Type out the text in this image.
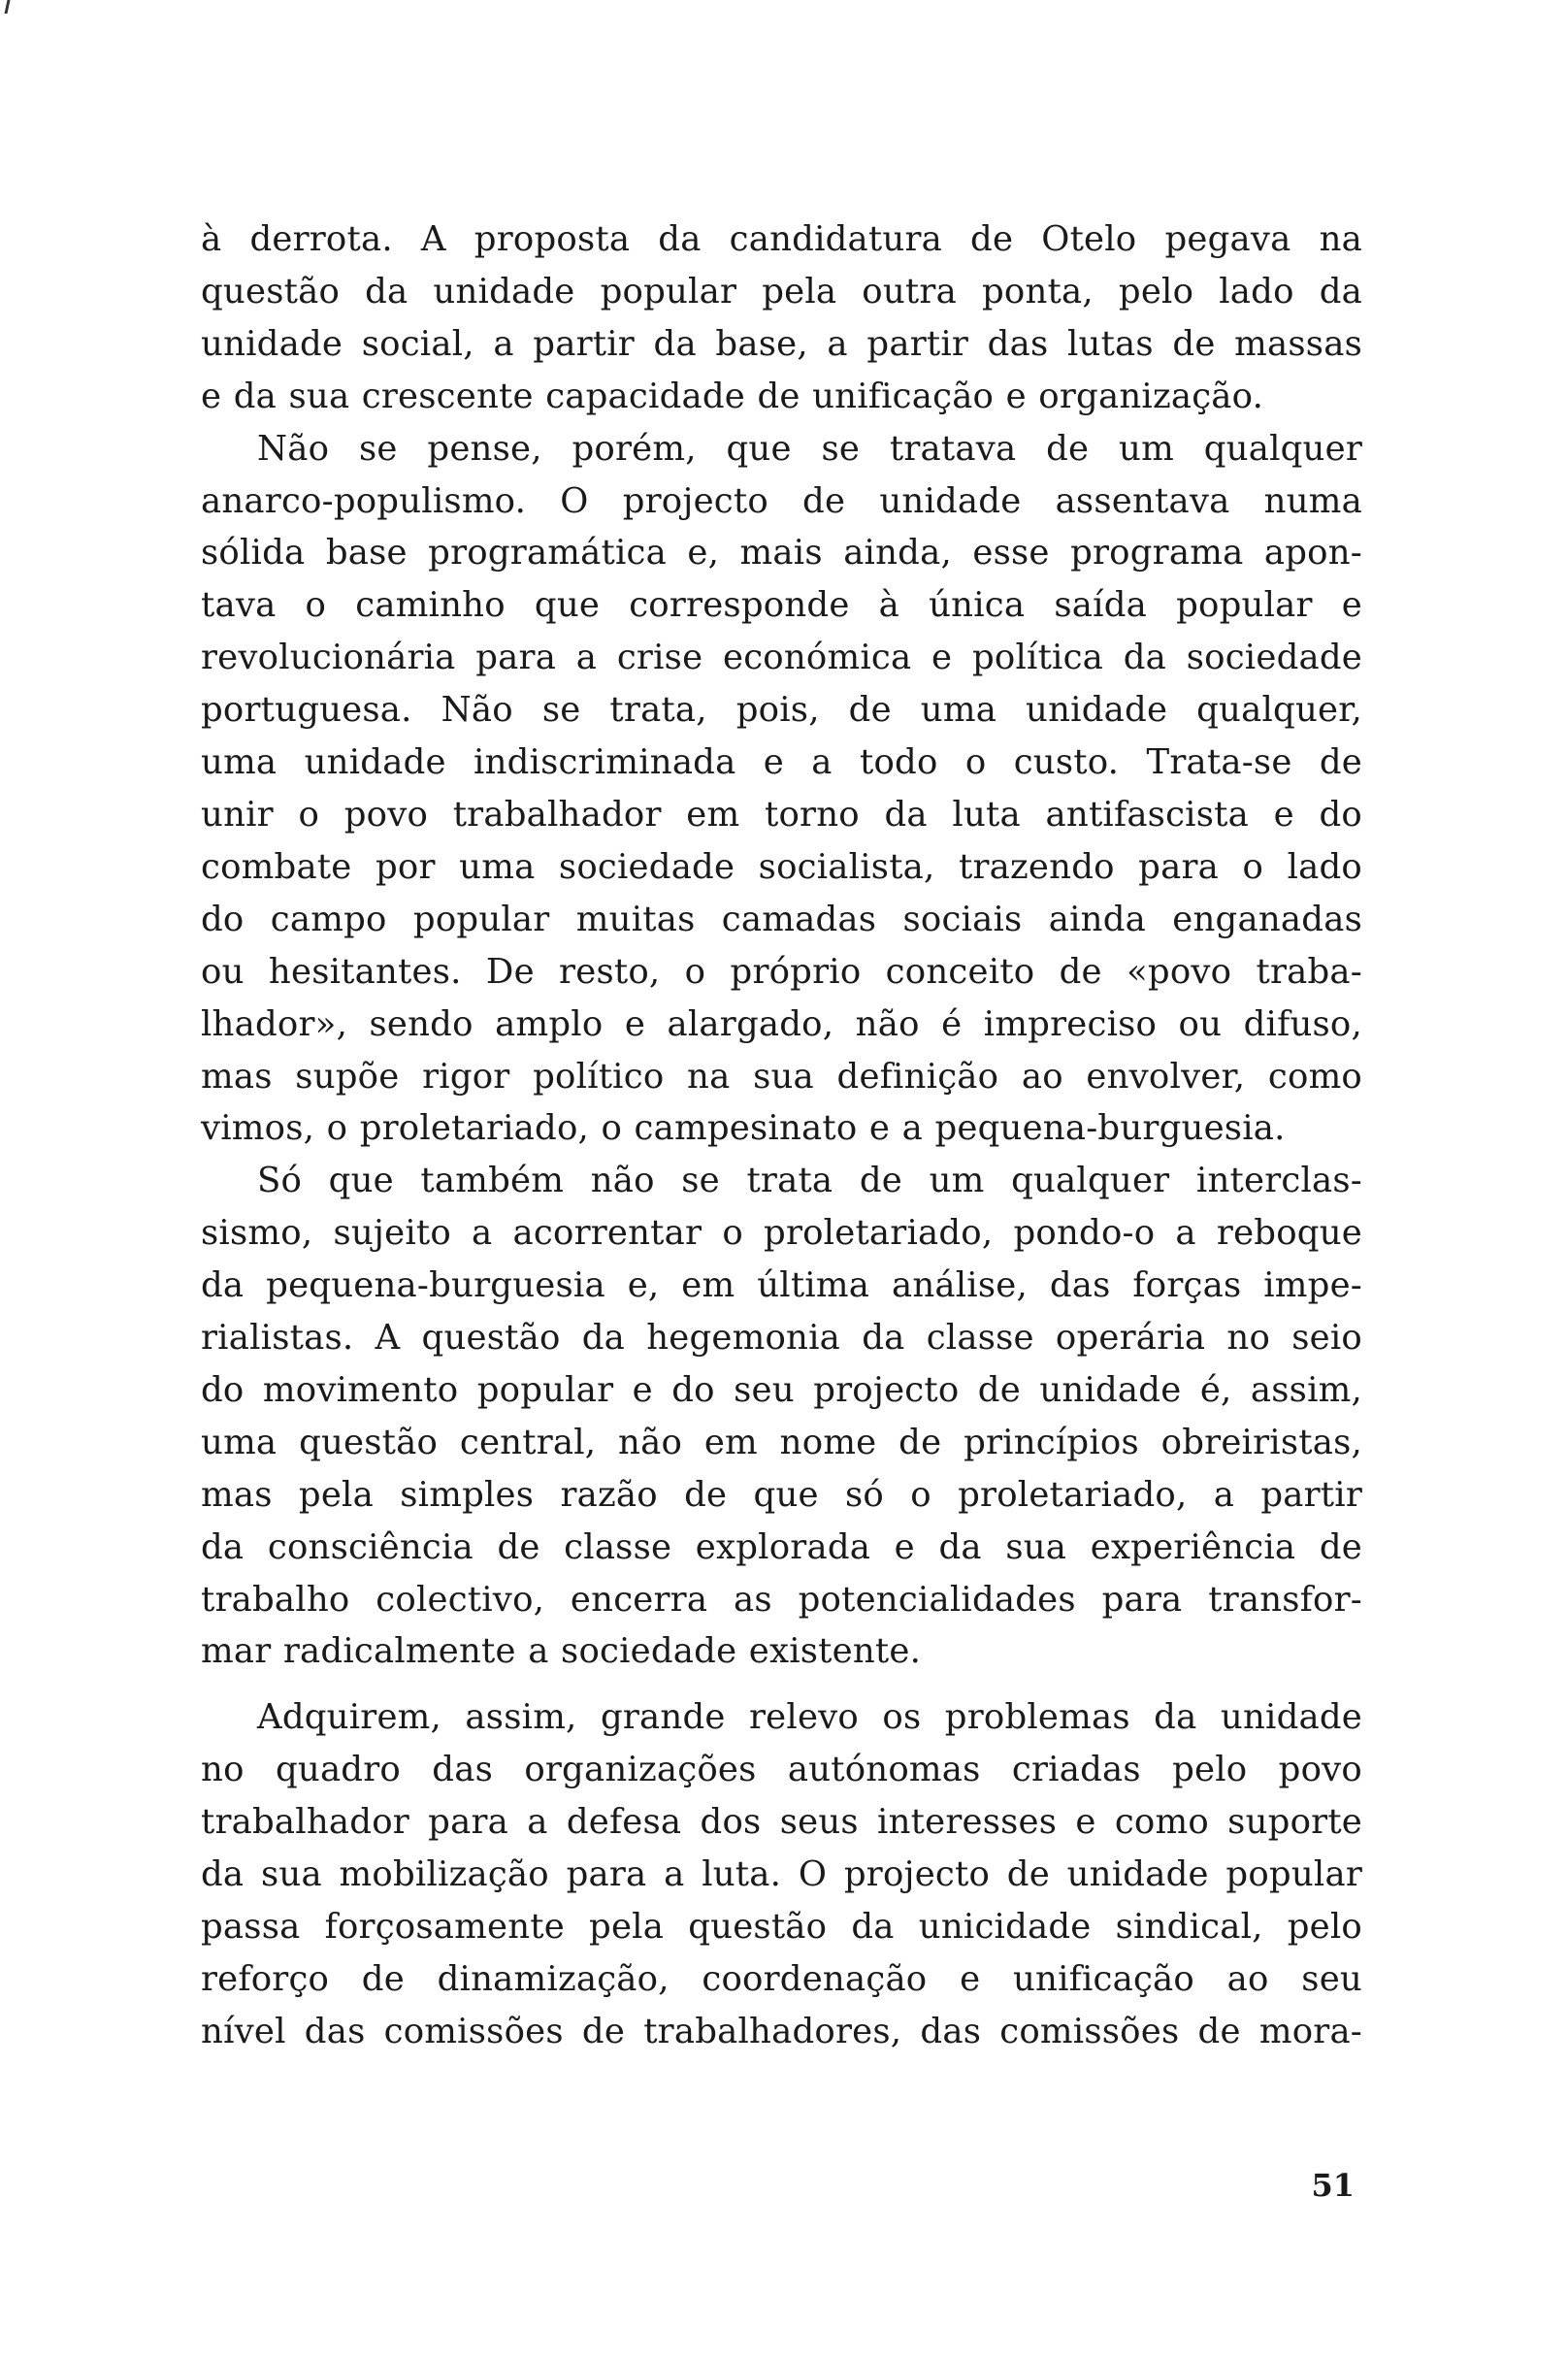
à derrota. A proposta da candidatura de Otelo pegava na
questão da unidade popular pela outra ponta, pelo lado da
unidade social, a partir da base, a partir das lutas de massas
e da sua crescente capacidade de unificação e organização.

Não se pense, porém, que se tratava de um qualquer
anarco-populismo. O projecto de unidade assentava numa
sólida base programática e, mais ainda, esse programa apon-
tava o caminho que corresponde à única saída popular e
revolucionária para a crise económica e política da sociedade
portuguesa. Não se trata, pois, de uma unidade qualquer,
uma unidade indiscriminada e a todo o custo. Trata-se de
unir o povo trabalhador em torno da luta antifascista e do
combate por uma sociedade socialista, trazendo para o lado
do campo popular muitas camadas sociais ainda enganadas
ou hesitantes. De resto, o próprio conceito de «povo traba-
lhador», sendo amplo e alargado, não é impreciso ou difuso,
mas supõe rigor político na sua definição ao envolver, como
vimos, o proletariado, o campesinato e a pequena-burguesia.

Só que também não se trata de um qualquer interclas-
sismo, sujeito a acorrentar o proletariado, pondo-o a reboque
da pequena-burguesia e, em última análise, das forças impe-
rialistas. A questão da hegemonia da classe operária no seio
do movimento popular e do seu projecto de unidade é, assim,
uma questão central, não em nome de princípios obreiristas,
mas pela simples razão de que só o proletariado, a partir
da consciência de classe explorada e da sua experiência de
trabalho colectivo, encerra as potencialidades para transfor-
mar radicalmente a sociedade existente.

Adquirem, assim, grande relevo os problemas da unidade
no quadro das organizações autónomas criadas pelo povo
trabalhador para a defesa dos seus interesses e como suporte
da sua mobilização para a luta. O projecto de unidade popular
passa forçosamente pela questão da unicidade sindical, pelo
reforço de dinamização, coordenação e unificação ao seu
nível das comissões de trabalhadores, das comissões de mora-

51
